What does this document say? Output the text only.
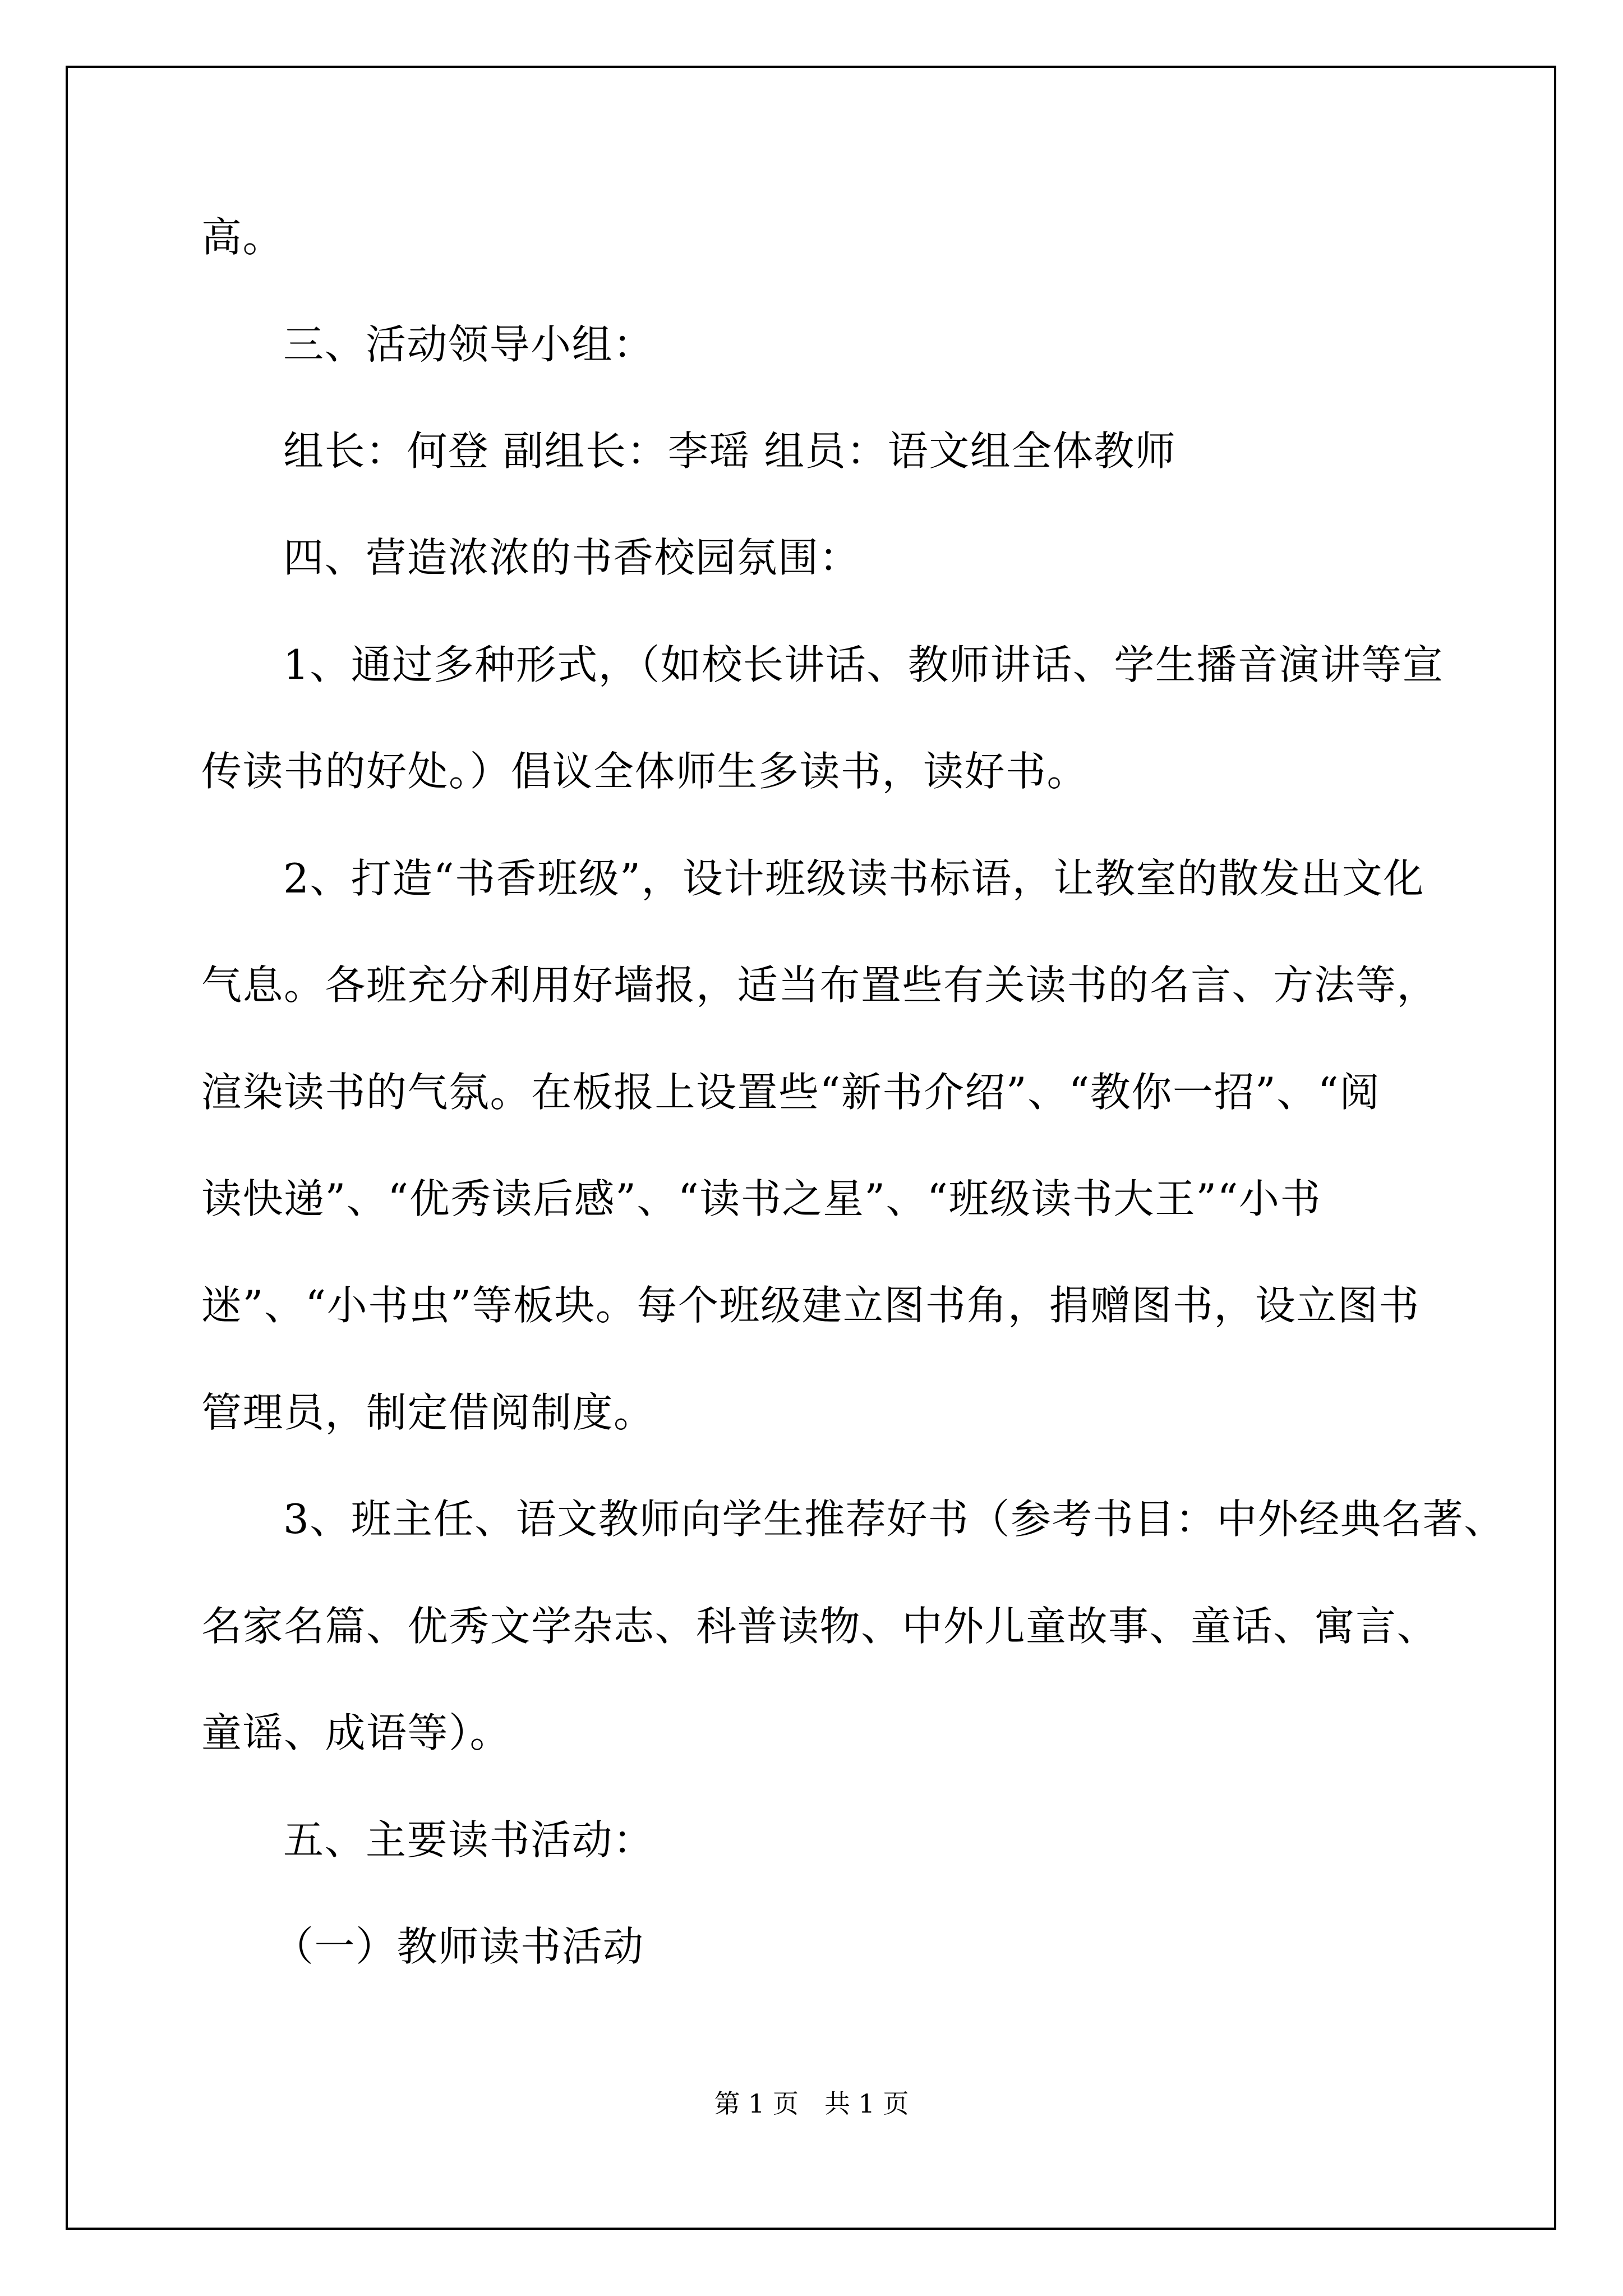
高。
三、活动领导小组：
组长：何登 副组长：李瑶 组员：语文组全体教师
四、营造浓浓的书香校园氛围：
1、通过多种形式，（如校长讲话、教师讲话、学生播音演讲等宣
传读书的好处。）倡议全体师生多读书，读好书。
2、打造“书香班级”，设计班级读书标语，让教室的散发出文化
气息。各班充分利用好墙报，适当布置些有关读书的名言、方法等，
渲染读书的气氛。在板报上设置些“新书介绍”、“教你一招”、“阅
读快递”、“优秀读后感”、“读书之星”、“班级读书大王”“小书
迷”、“小书虫”等板块。每个班级建立图书角，捐赠图书，设立图书
管理员，制定借阅制度。
3、班主任、语文教师向学生推荐好书（参考书目：中外经典名著、
名家名篇、优秀文学杂志、科普读物、中外儿童故事、童话、寓言、
童谣、成语等）。
五、主要读书活动：
（一）教师读书活动
第 1 页　共 1 页
